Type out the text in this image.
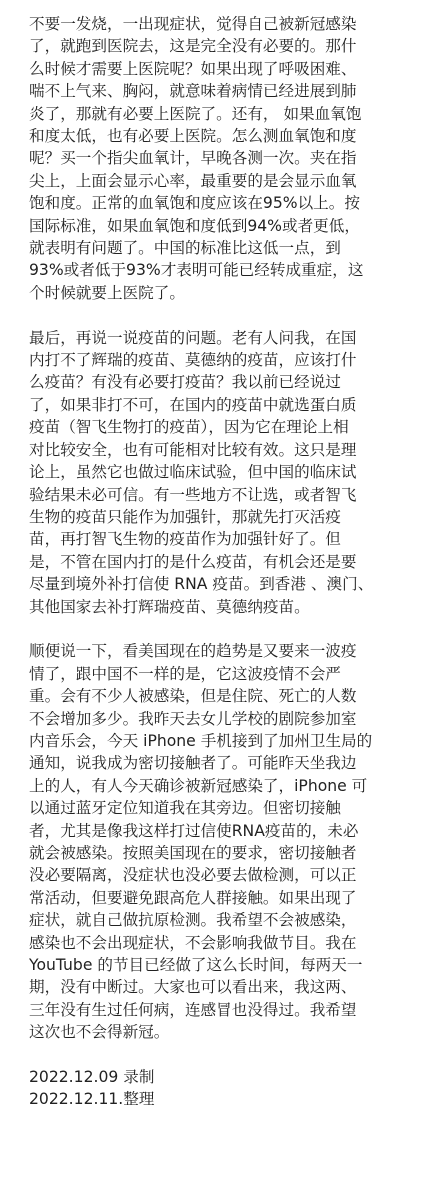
不要一发烧，一出现症状，觉得自己被新冠感染
了，就跑到医院去，这是完全没有必要的。那什
么时候才需要上医院呢？如果出现了呼吸困难、
喘不上气来、胸闷，就意味着病情已经进展到肺
炎了，那就有必要上医院了。还有， 如果血氧饱
和度太低，也有必要上医院。怎么测血氧饱和度
呢？买一个指尖血氧计，早晚各测一次。夹在指
尖上，上面会显示心率，最重要的是会显示血氧
饱和度。正常的血氧饱和度应该在95%以上。按
国际标准，如果血氧饱和度低到94%或者更低，
就表明有问题了。中国的标准比这低一点，到
93%或者低于93%才表明可能已经转成重症，这
个时候就要上医院了。
最后，再说一说疫苗的问题。老有人问我，在国
内打不了辉瑞的疫苗、莫德纳的疫苗，应该打什
么疫苗？有没有必要打疫苗？我以前已经说过
了，如果非打不可，在国内的疫苗中就选蛋白质
疫苗（智飞生物打的疫苗），因为它在理论上相
对比较安全，也有可能相对比较有效。这只是理
论上，虽然它也做过临床试验，但中国的临床试
验结果未必可信。有一些地方不让选，或者智飞
生物的疫苗只能作为加强针，那就先打灭活疫
苗，再打智飞生物的疫苗作为加强针好了。但
是，不管在国内打的是什么疫苗，有机会还是要
尽量到境外补打信使 RNA 疫苗。到香港 、澳门、
其他国家去补打辉瑞疫苗、莫德纳疫苗。
顺便说一下，看美国现在的趋势是又要来一波疫
情了，跟中国不一样的是，它这波疫情不会严
重。会有不少人被感染，但是住院、死亡的人数
不会增加多少。我昨天去女儿学校的剧院参加室
内音乐会，今天 iPhone 手机接到了加州卫生局的
通知，说我成为密切接触者了。可能昨天坐我边
上的人，有人今天确诊被新冠感染了，iPhone 可
以通过蓝牙定位知道我在其旁边。但密切接触
者，尤其是像我这样打过信使RNA疫苗的，未必
就会被感染。按照美国现在的要求，密切接触者
没必要隔离，没症状也没必要去做检测，可以正
常活动，但要避免跟高危人群接触。如果出现了
症状，就自己做抗原检测。我希望不会被感染，
感染也不会出现症状，不会影响我做节目。我在
YouTube 的节目已经做了这么长时间，每两天一
期，没有中断过。大家也可以看出来，我这两、
三年没有生过任何病，连感冒也没得过。我希望
这次也不会得新冠。
2022.12.09 录制
2022.12.11.整理
